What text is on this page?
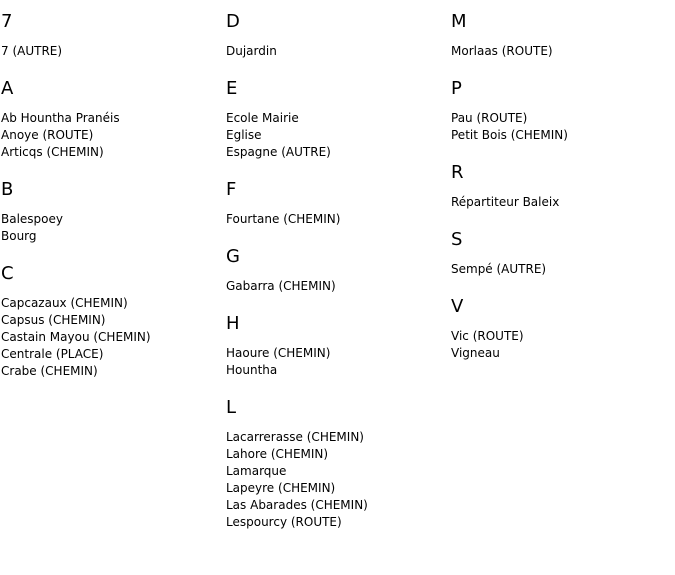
7
7 (AUTRE)
A
Ab Hountha Pranéis
Anoye (ROUTE)
Articqs (CHEMIN)
B
Balespoey
Bourg
C
Capcazaux (CHEMIN)
Capsus (CHEMIN)
Castain Mayou (CHEMIN)
Centrale (PLACE)
Crabe (CHEMIN)
D
Dujardin
E
Ecole Mairie
Eglise
Espagne (AUTRE)
F
Fourtane (CHEMIN)
G
Gabarra (CHEMIN)
H
Haoure (CHEMIN)
Hountha
L
Lacarrerasse (CHEMIN)
Lahore (CHEMIN)
Lamarque
Lapeyre (CHEMIN)
Las Abarades (CHEMIN)
Lespourcy (ROUTE)
M
Morlaas (ROUTE)
P
Pau (ROUTE)
Petit Bois (CHEMIN)
R
Répartiteur Baleix
S
Sempé (AUTRE)
V
Vic (ROUTE)
Vigneau
